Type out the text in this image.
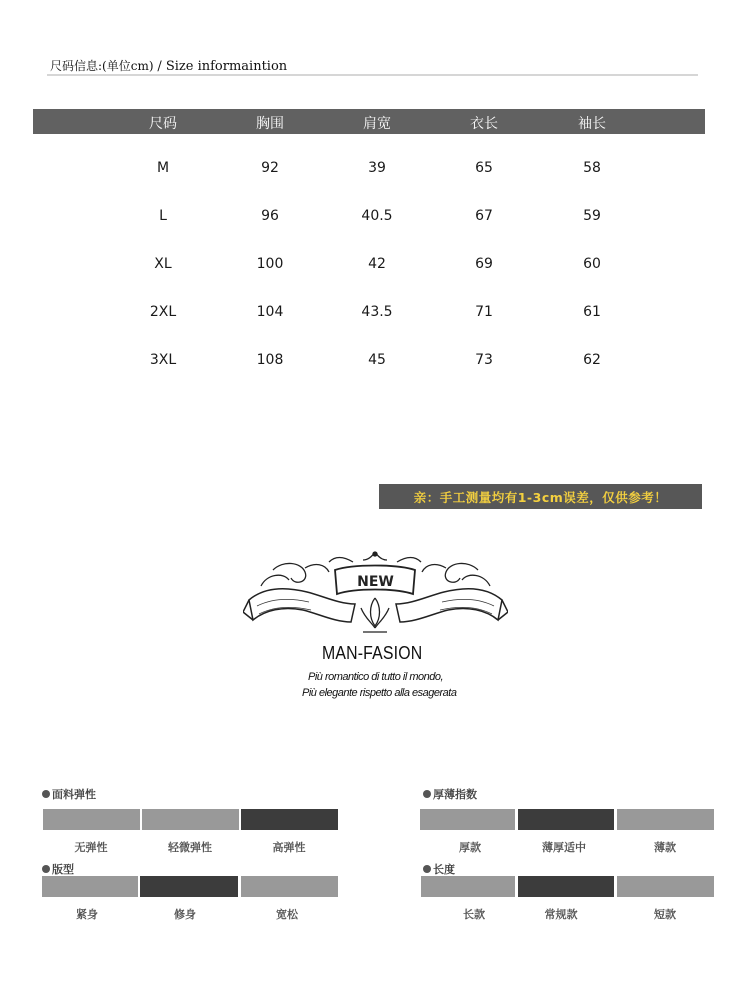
尺码信息:(单位cm) / Size informaintion
尺码	胸围	肩宽	衣长	袖长
M	92	39	65	58
L	96	40.5	67	59
XL	100	42	69	60
2XL	104	43.5	71	61
3XL	108	45	73	62
亲：手工测量均有1-3cm误差，仅供参考！
NEW
MAN-FASION
Più romantico di tutto il mondo,
Più elegante rispetto alla esagerata
面料弹性
无弹性	轻微弹性	高弹性
厚薄指数
厚款	薄厚适中	薄款
版型
紧身	修身	宽松
长度
长款	常规款	短款
